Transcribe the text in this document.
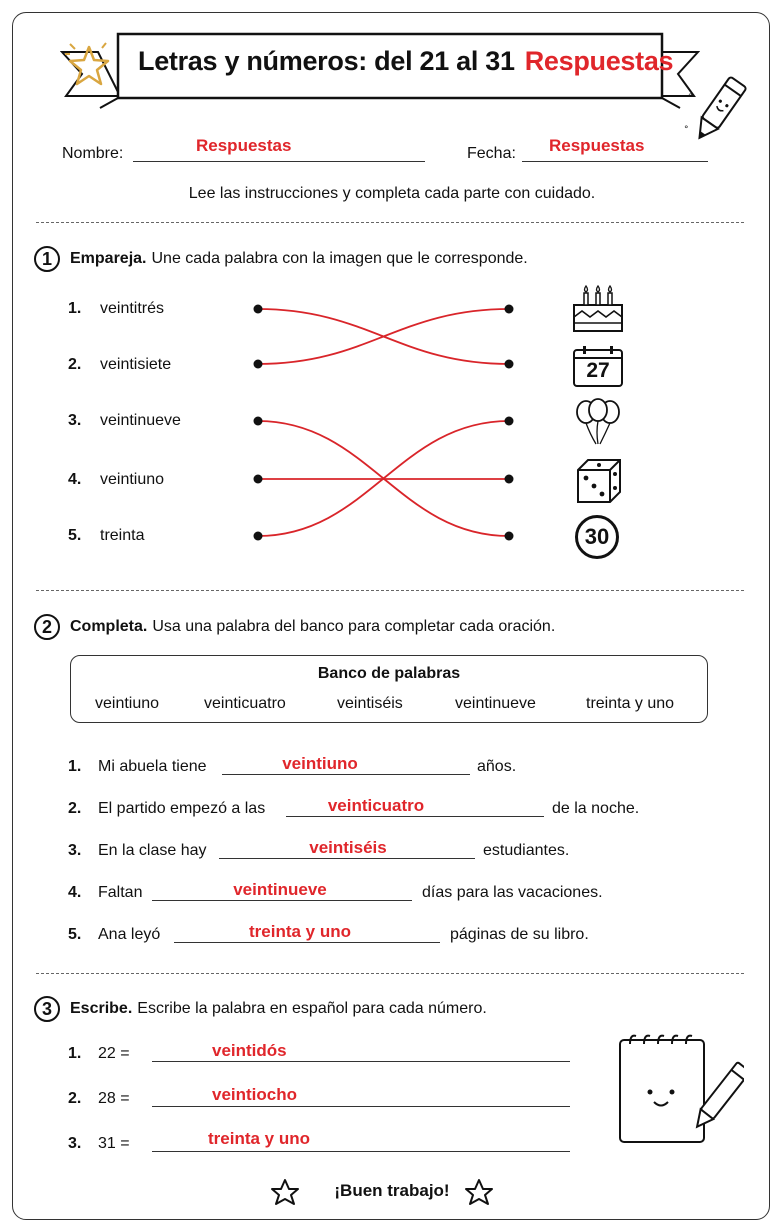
Letras y números: del 21 al 31 Respuestas
°
°
Nombre:	Respuestas	Fecha: Respuestas
Lee las instrucciones y completa cada parte con cuidado.
1	Empareja. Une cada palabra con la imagen que le corresponde.
1. veintitrés
2. veintisiete
3. veintinueve
4. veintiuno
5. treinta
27
30
2	Completa. Usa una palabra del banco para completar cada oración.
Banco de palabras
veintiuno	veinticuatro	veintiséis	veintinueve	treinta y uno
1. Mi abuela tiene	veintiuno	años.
2. El partido empezó a las	veinticuatro	de la noche.
3. En la clase hay	veintiséis	estudiantes.
4. Faltan	veintinueve	días para las vacaciones.
5. Ana leyó	treinta y uno	páginas de su libro.
3	Escribe. Escribe la palabra en español para cada número.
1. 22 =	veintidós
2. 28 =	veintiocho
3. 31 =	treinta y uno
¡Buen trabajo!
